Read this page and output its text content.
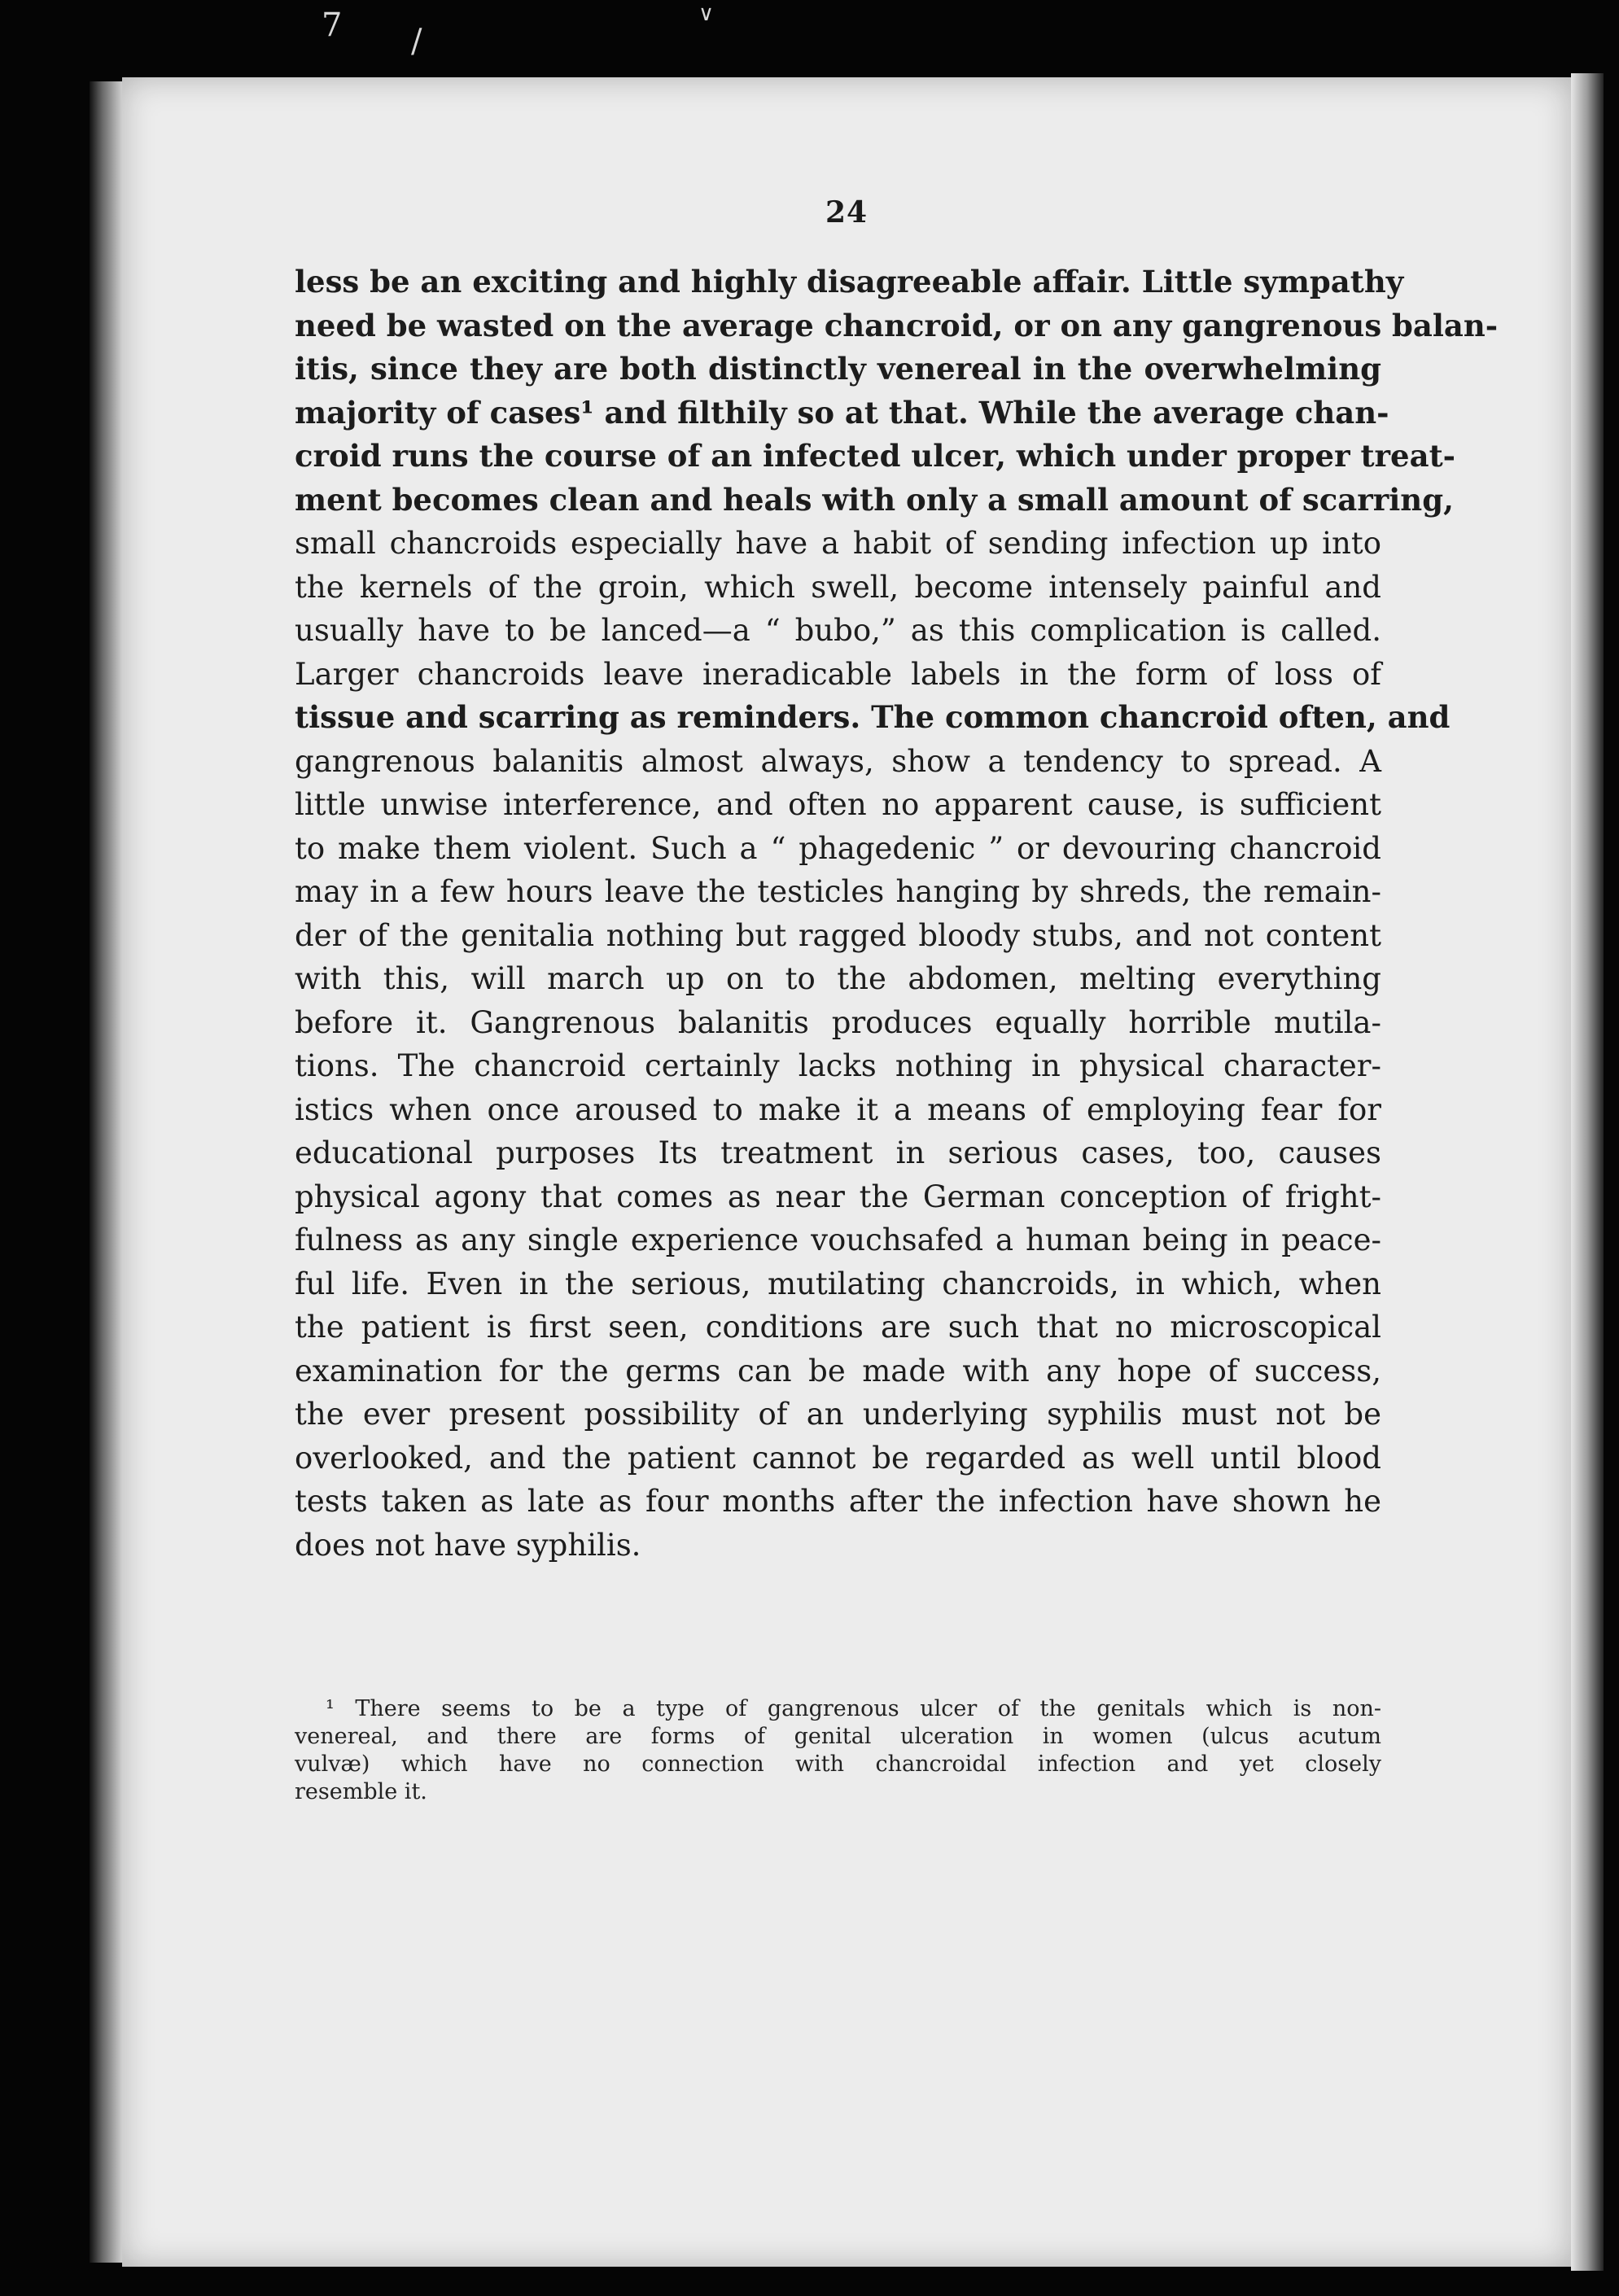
7 /
∨
24
less be an exciting and highly disagreeable affair. Little sympathy
need be wasted on the average chancroid, or on any gangrenous balan-
itis, since they are both distinctly venereal in the overwhelming
majority of cases¹ and filthily so at that. While the average chan-
croid runs the course of an infected ulcer, which under proper treat-
ment becomes clean and heals with only a small amount of scarring,
small chancroids especially have a habit of sending infection up into
the kernels of the groin, which swell, become intensely painful and
usually have to be lanced—a “ bubo,” as this complication is called.
Larger chancroids leave ineradicable labels in the form of loss of
tissue and scarring as reminders. The common chancroid often, and
gangrenous balanitis almost always, show a tendency to spread. A
little unwise interference, and often no apparent cause, is sufficient
to make them violent. Such a “ phagedenic ” or devouring chancroid
may in a few hours leave the testicles hanging by shreds, the remain-
der of the genitalia nothing but ragged bloody stubs, and not content
with this, will march up on to the abdomen, melting everything
before it. Gangrenous balanitis produces equally horrible mutila-
tions. The chancroid certainly lacks nothing in physical character-
istics when once aroused to make it a means of employing fear for
educational purposes Its treatment in serious cases, too, causes
physical agony that comes as near the German conception of fright-
fulness as any single experience vouchsafed a human being in peace-
ful life. Even in the serious, mutilating chancroids, in which, when
the patient is first seen, conditions are such that no microscopical
examination for the germs can be made with any hope of success,
the ever present possibility of an underlying syphilis must not be
overlooked, and the patient cannot be regarded as well until blood
tests taken as late as four months after the infection have shown he
does not have syphilis.
¹ There seems to be a type of gangrenous ulcer of the genitals which is non-
venereal, and there are forms of genital ulceration in women (ulcus acutum
vulvæ) which have no connection with chancroidal infection and yet closely
resemble it.
